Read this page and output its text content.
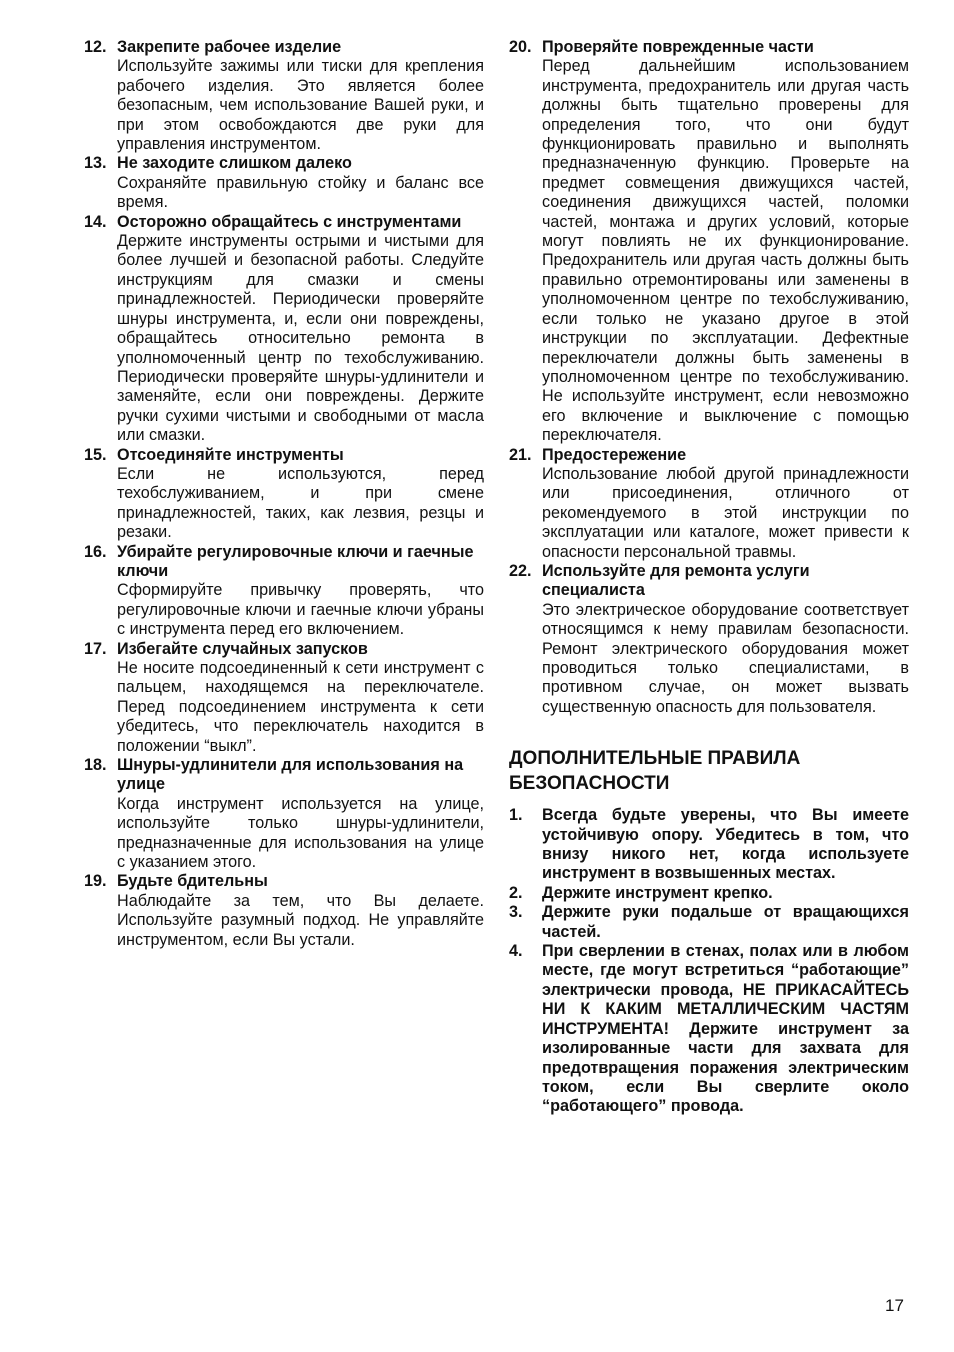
12. Закрепите рабочее изделие
Используйте зажимы или тиски для крепления рабочего изделия. Это является более безопасным, чем использование Вашей руки, и при этом освобождаются две руки для управления инструментом.
13. Не заходите слишком далеко
Сохраняйте правильную стойку и баланс все время.
14. Осторожно обращайтесь с инструментами
Держите инструменты острыми и чистыми для более лучшей и безопасной работы. Следуйте инструкциям для смазки и смены принадлежностей. Периодически проверяйте шнуры инструмента, и, если они повреждены, обращайтесь относительно ремонта в уполномоченный центр по техобслуживанию. Периодически проверяйте шнуры-удлинители и заменяйте, если они повреждены. Держите ручки сухими чистыми и свободными от масла или смазки.
15. Отсоединяйте инструменты
Если не используются, перед техобслуживанием, и при смене принадлежностей, таких, как лезвия, резцы и резаки.
16. Убирайте регулировочные ключи и гаечные ключи
Сформируйте привычку проверять, что регулировочные ключи и гаечные ключи убраны с инструмента перед его включением.
17. Избегайте случайных запусков
Не носите подсоединенный к сети инструмент с пальцем, находящемся на переключателе. Перед подсоединением инструмента к сети убедитесь, что переключатель находится в положении “выкл”.
18. Шнуры-удлинители для использования на улице
Когда инструмент используется на улице, используйте только шнуры-удлинители, предназначенные для использования на улице с указанием этого.
19. Будьте бдительны
Наблюдайте за тем, что Вы делаете. Используйте разумный подход. Не управляйте инструментом, если Вы устали.
20. Проверяйте поврежденные части
Перед дальнейшим использованием инструмента, предохранитель или другая часть должны быть тщательно проверены для определения того, что они будут функционировать правильно и выполнять предназначенную функцию. Проверьте на предмет совмещения движущихся частей, соединения движущихся частей, поломки частей, монтажа и других условий, которые могут повлиять не их функционирование. Предохранитель или другая часть должны быть правильно отремонтированы или заменены в уполномоченном центре по техобслуживанию, если только не указано другое в этой инструкции по эксплуатации. Дефектные переключатели должны быть заменены в уполномоченном центре по техобслуживанию. Не используйте инструмент, если невозможно его включение и выключение с помощью переключателя.
21. Предостережение
Использование любой другой принадлежности или присоединения, отличного от рекомендуемого в этой инструкции по эксплуатации или каталоге, может привести к опасности персональной травмы.
22. Используйте для ремонта услуги специалиста
Это электрическое оборудование соответствует относящимся к нему правилам безопасности. Ремонт электрического оборудования может проводиться только специалистами, в противном случае, он может вызвать существенную опасность для пользователя.
ДОПОЛНИТЕЛЬНЫЕ ПРАВИЛА БЕЗОПАСНОСТИ
1. Всегда будьте уверены, что Вы имеете устойчивую опору. Убедитесь в том, что внизу никого нет, когда используете инструмент в возвышенных местах.
2. Держите инструмент крепко.
3. Держите руки подальше от вращающихся частей.
4. При сверлении в стенах, полах или в любом месте, где могут встретиться “работающие” электрически провода, НЕ ПРИКАСАЙТЕСЬ НИ К КАКИМ МЕТАЛЛИЧЕСКИМ ЧАСТЯМ ИНСТРУМЕНТА! Держите инструмент за изолированные части для захвата для предотвращения поражения электрическим током, если Вы сверлите около “работающего” провода.
17
